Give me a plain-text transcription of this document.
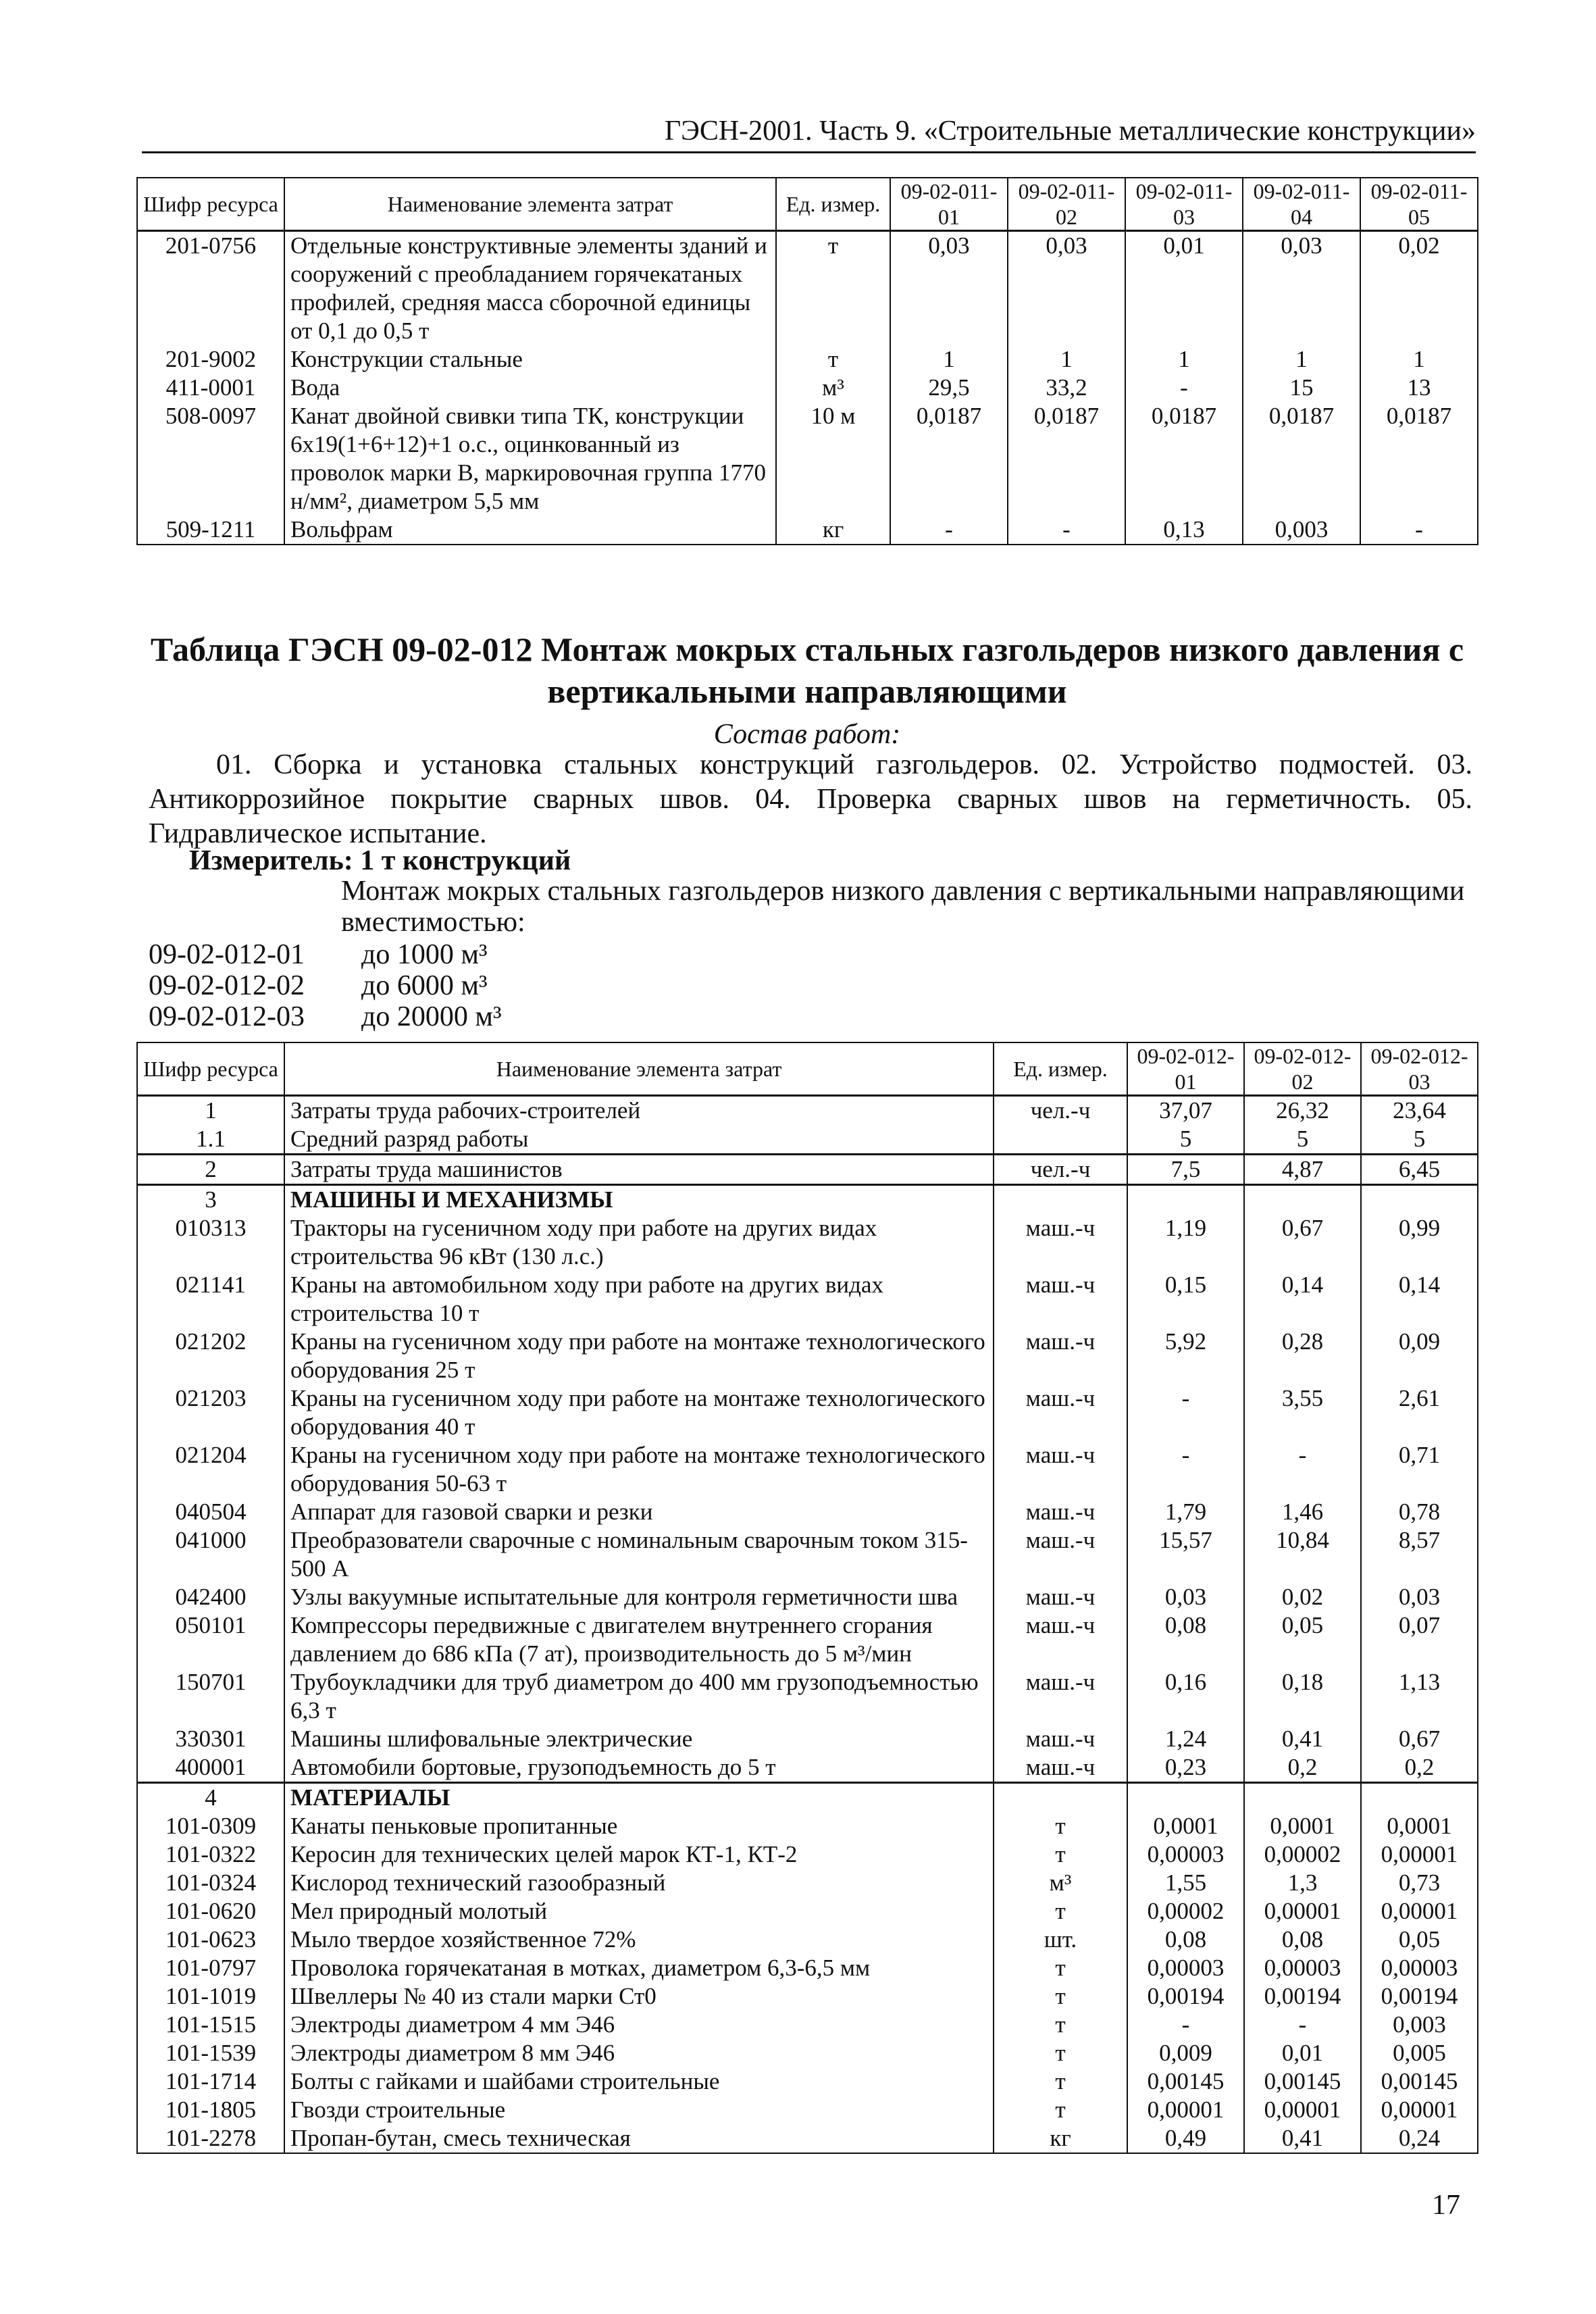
ГЭСН-2001. Часть 9. «Строительные металлические конструкции»
Шифр ресурса	Наименование элемента затрат	Ед. измер.	09-02-011-01	09-02-011-02	09-02-011-03	09-02-011-04	09-02-011-05
201-0756	Отдельные конструктивные элементы зданий и сооружений с преобладанием горячекатаных профилей, средняя масса сборочной единицы от 0,1 до 0,5 т	т	0,03	0,03	0,01	0,03	0,02
201-9002	Конструкции стальные	т	1	1	1	1	1
411-0001	Вода	м³	29,5	33,2	-	15	13
508-0097	Канат двойной свивки типа ТК, конструкции 6х19(1+6+12)+1 о.с., оцинкованный из проволок марки В, маркировочная группа 1770 н/мм², диаметром 5,5 мм	10 м	0,0187	0,0187	0,0187	0,0187	0,0187
509-1211	Вольфрам	кг	-	-	0,13	0,003	-
Таблица ГЭСН 09-02-012 Монтаж мокрых стальных газгольдеров низкого давления с вертикальными направляющими
Состав работ:
01. Сборка и установка стальных конструкций газгольдеров. 02. Устройство подмостей. 03. Антикоррозийное покрытие сварных швов. 04. Проверка сварных швов на герметичность. 05. Гидравлическое испытание.
Измеритель: 1 т конструкций
Монтаж мокрых стальных газгольдеров низкого давления с вертикальными направляющими вместимостью:
09-02-012-01 до 1000 м³
09-02-012-02 до 6000 м³
09-02-012-03 до 20000 м³
Шифр ресурса	Наименование элемента затрат	Ед. измер.	09-02-012-01	09-02-012-02	09-02-012-03
1	Затраты труда рабочих-строителей	чел.-ч	37,07	26,32	23,64
1.1	Средний разряд работы		5	5	5
2	Затраты труда машинистов	чел.-ч	7,5	4,87	6,45
3	МАШИНЫ И МЕХАНИЗМЫ				
010313	Тракторы на гусеничном ходу при работе на других видах строительства 96 кВт (130 л.с.)	маш.-ч	1,19	0,67	0,99
021141	Краны на автомобильном ходу при работе на других видах строительства 10 т	маш.-ч	0,15	0,14	0,14
021202	Краны на гусеничном ходу при работе на монтаже технологического оборудования 25 т	маш.-ч	5,92	0,28	0,09
021203	Краны на гусеничном ходу при работе на монтаже технологического оборудования 40 т	маш.-ч	-	3,55	2,61
021204	Краны на гусеничном ходу при работе на монтаже технологического оборудования 50-63 т	маш.-ч	-	-	0,71
040504	Аппарат для газовой сварки и резки	маш.-ч	1,79	1,46	0,78
041000	Преобразователи сварочные с номинальным сварочным током 315-500 А	маш.-ч	15,57	10,84	8,57
042400	Узлы вакуумные испытательные для контроля герметичности шва	маш.-ч	0,03	0,02	0,03
050101	Компрессоры передвижные с двигателем внутреннего сгорания давлением до 686 кПа (7 ат), производительность до 5 м³/мин	маш.-ч	0,08	0,05	0,07
150701	Трубоукладчики для труб диаметром до 400 мм грузоподъемностью 6,3 т	маш.-ч	0,16	0,18	1,13
330301	Машины шлифовальные электрические	маш.-ч	1,24	0,41	0,67
400001	Автомобили бортовые, грузоподъемность до 5 т	маш.-ч	0,23	0,2	0,2
4	МАТЕРИАЛЫ				
101-0309	Канаты пеньковые пропитанные	т	0,0001	0,0001	0,0001
101-0322	Керосин для технических целей марок КТ-1, КТ-2	т	0,00003	0,00002	0,00001
101-0324	Кислород технический газообразный	м³	1,55	1,3	0,73
101-0620	Мел природный молотый	т	0,00002	0,00001	0,00001
101-0623	Мыло твердое хозяйственное 72%	шт.	0,08	0,08	0,05
101-0797	Проволока горячекатаная в мотках, диаметром 6,3-6,5 мм	т	0,00003	0,00003	0,00003
101-1019	Швеллеры № 40 из стали марки Ст0	т	0,00194	0,00194	0,00194
101-1515	Электроды диаметром 4 мм Э46	т	-	-	0,003
101-1539	Электроды диаметром 8 мм Э46	т	0,009	0,01	0,005
101-1714	Болты с гайками и шайбами строительные	т	0,00145	0,00145	0,00145
101-1805	Гвозди строительные	т	0,00001	0,00001	0,00001
101-2278	Пропан-бутан, смесь техническая	кг	0,49	0,41	0,24
17
